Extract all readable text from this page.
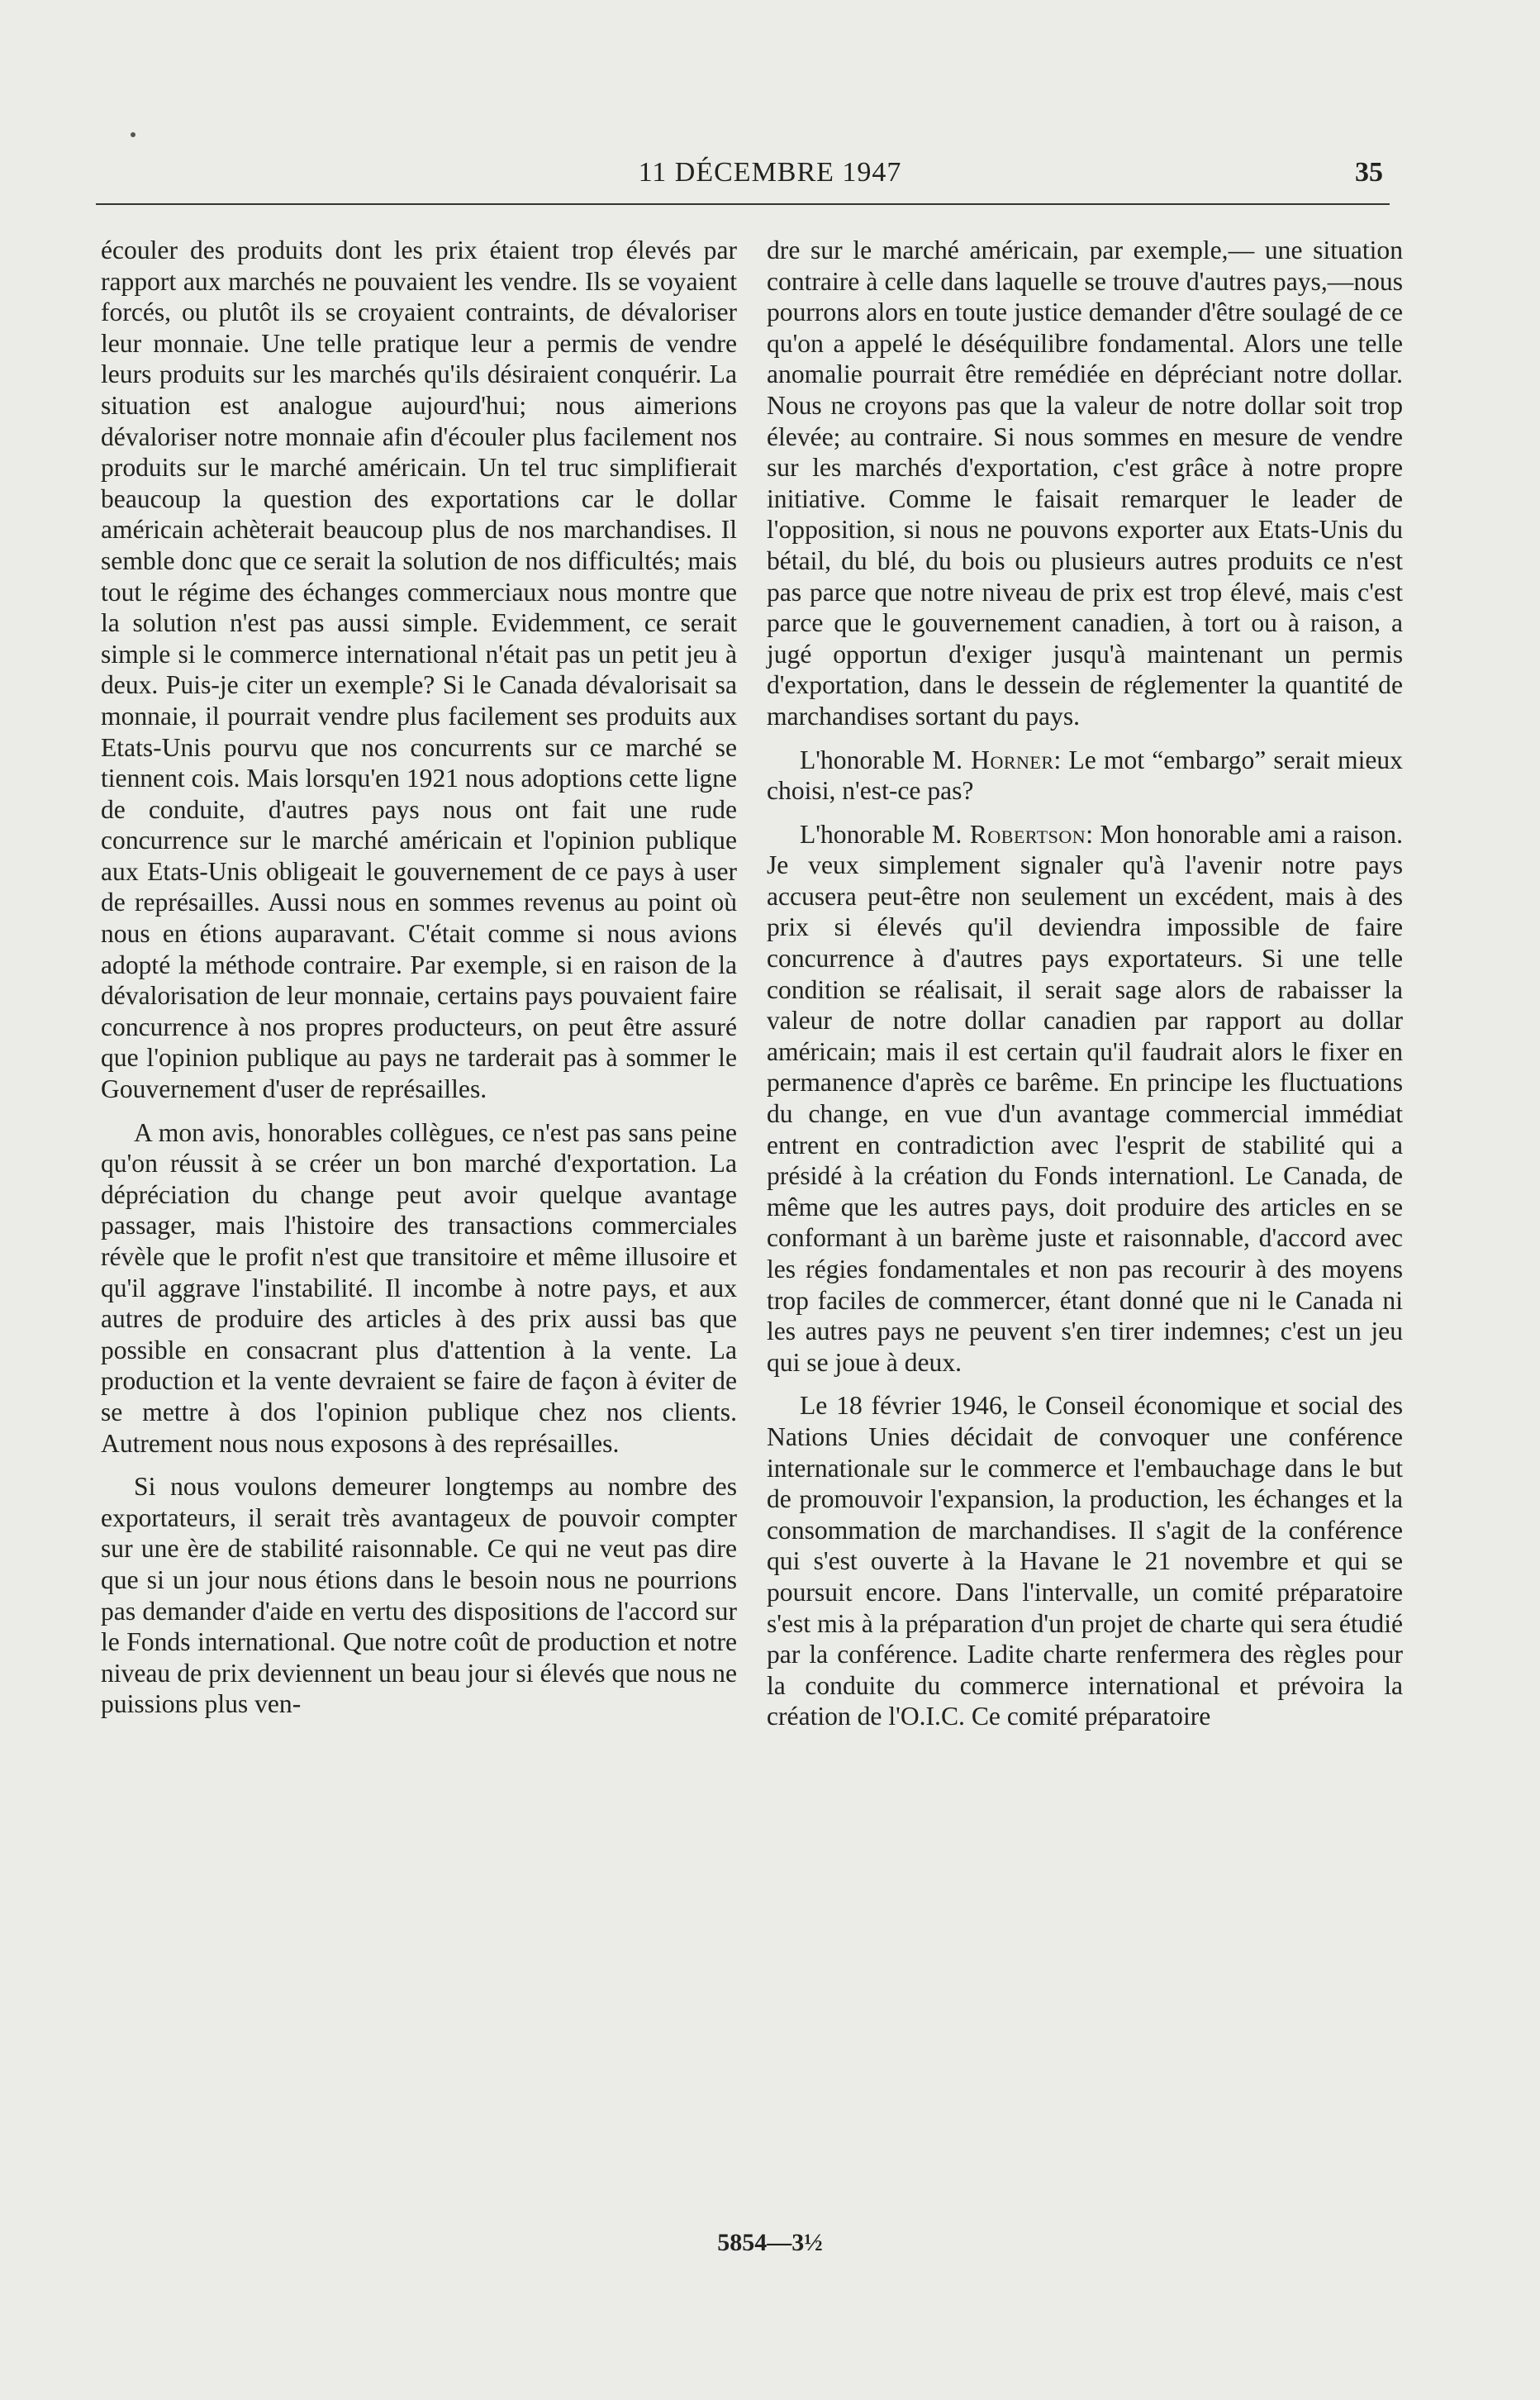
11 DÉCEMBRE 1947	35

écouler des produits dont les prix étaient trop élevés par rapport aux marchés ne pouvaient les vendre. Ils se voyaient forcés, ou plutôt ils se croyaient contraints, de dévaloriser leur monnaie. Une telle pratique leur a permis de vendre leurs produits sur les marchés qu'ils désiraient conquérir. La situation est analogue aujourd'hui; nous aimerions dévaloriser notre monnaie afin d'écouler plus facilement nos produits sur le marché américain. Un tel truc simplifierait beaucoup la question des exportations car le dollar américain achèterait beaucoup plus de nos marchandises. Il semble donc que ce serait la solution de nos difficultés; mais tout le régime des échanges commerciaux nous montre que la solution n'est pas aussi simple. Evidemment, ce serait simple si le commerce international n'était pas un petit jeu à deux. Puis-je citer un exemple? Si le Canada dévalorisait sa monnaie, il pourrait vendre plus facilement ses produits aux Etats-Unis pourvu que nos concurrents sur ce marché se tiennent cois. Mais lorsqu'en 1921 nous adoptions cette ligne de conduite, d'autres pays nous ont fait une rude concurrence sur le marché américain et l'opinion publique aux Etats-Unis obligeait le gouvernement de ce pays à user de représailles. Aussi nous en sommes revenus au point où nous en étions auparavant. C'était comme si nous avions adopté la méthode contraire. Par exemple, si en raison de la dévalorisation de leur monnaie, certains pays pouvaient faire concurrence à nos propres producteurs, on peut être assuré que l'opinion publique au pays ne tarderait pas à sommer le Gouvernement d'user de représailles.

A mon avis, honorables collègues, ce n'est pas sans peine qu'on réussit à se créer un bon marché d'exportation. La dépréciation du change peut avoir quelque avantage passager, mais l'histoire des transactions commerciales révèle que le profit n'est que transitoire et même illusoire et qu'il aggrave l'instabilité. Il incombe à notre pays, et aux autres de produire des articles à des prix aussi bas que possible en consacrant plus d'attention à la vente. La production et la vente devraient se faire de façon à éviter de se mettre à dos l'opinion publique chez nos clients. Autrement nous nous exposons à des représailles.

Si nous voulons demeurer longtemps au nombre des exportateurs, il serait très avantageux de pouvoir compter sur une ère de stabilité raisonnable. Ce qui ne veut pas dire que si un jour nous étions dans le besoin nous ne pourrions pas demander d'aide en vertu des dispositions de l'accord sur le Fonds international. Que notre coût de production et notre niveau de prix deviennent un beau jour si élevés que nous ne puissions plus ven-

dre sur le marché américain, par exemple,— une situation contraire à celle dans laquelle se trouve d'autres pays,—nous pourrons alors en toute justice demander d'être soulagé de ce qu'on a appelé le déséquilibre fondamental. Alors une telle anomalie pourrait être remédiée en dépréciant notre dollar. Nous ne croyons pas que la valeur de notre dollar soit trop élevée; au contraire. Si nous sommes en mesure de vendre sur les marchés d'exportation, c'est grâce à notre propre initiative. Comme le faisait remarquer le leader de l'opposition, si nous ne pouvons exporter aux Etats-Unis du bétail, du blé, du bois ou plusieurs autres produits ce n'est pas parce que notre niveau de prix est trop élevé, mais c'est parce que le gouvernement canadien, à tort ou à raison, a jugé opportun d'exiger jusqu'à maintenant un permis d'exportation, dans le dessein de réglementer la quantité de marchandises sortant du pays.

L'honorable M. Horner: Le mot “embargo” serait mieux choisi, n'est-ce pas?

L'honorable M. Robertson: Mon honorable ami a raison. Je veux simplement signaler qu'à l'avenir notre pays accusera peut-être non seulement un excédent, mais à des prix si élevés qu'il deviendra impossible de faire concurrence à d'autres pays exportateurs. Si une telle condition se réalisait, il serait sage alors de rabaisser la valeur de notre dollar canadien par rapport au dollar américain; mais il est certain qu'il faudrait alors le fixer en permanence d'après ce barême. En principe les fluctuations du change, en vue d'un avantage commercial immédiat entrent en contradiction avec l'esprit de stabilité qui a présidé à la création du Fonds internationl. Le Canada, de même que les autres pays, doit produire des articles en se conformant à un barème juste et raisonnable, d'accord avec les régies fondamentales et non pas recourir à des moyens trop faciles de commercer, étant donné que ni le Canada ni les autres pays ne peuvent s'en tirer indemnes; c'est un jeu qui se joue à deux.

Le 18 février 1946, le Conseil économique et social des Nations Unies décidait de convoquer une conférence internationale sur le commerce et l'embauchage dans le but de promouvoir l'expansion, la production, les échanges et la consommation de marchandises. Il s'agit de la conférence qui s'est ouverte à la Havane le 21 novembre et qui se poursuit encore. Dans l'intervalle, un comité préparatoire s'est mis à la préparation d'un projet de charte qui sera étudié par la conférence. Ladite charte renfermera des règles pour la conduite du commerce international et prévoira la création de l'O.I.C. Ce comité préparatoire

5854—3½
